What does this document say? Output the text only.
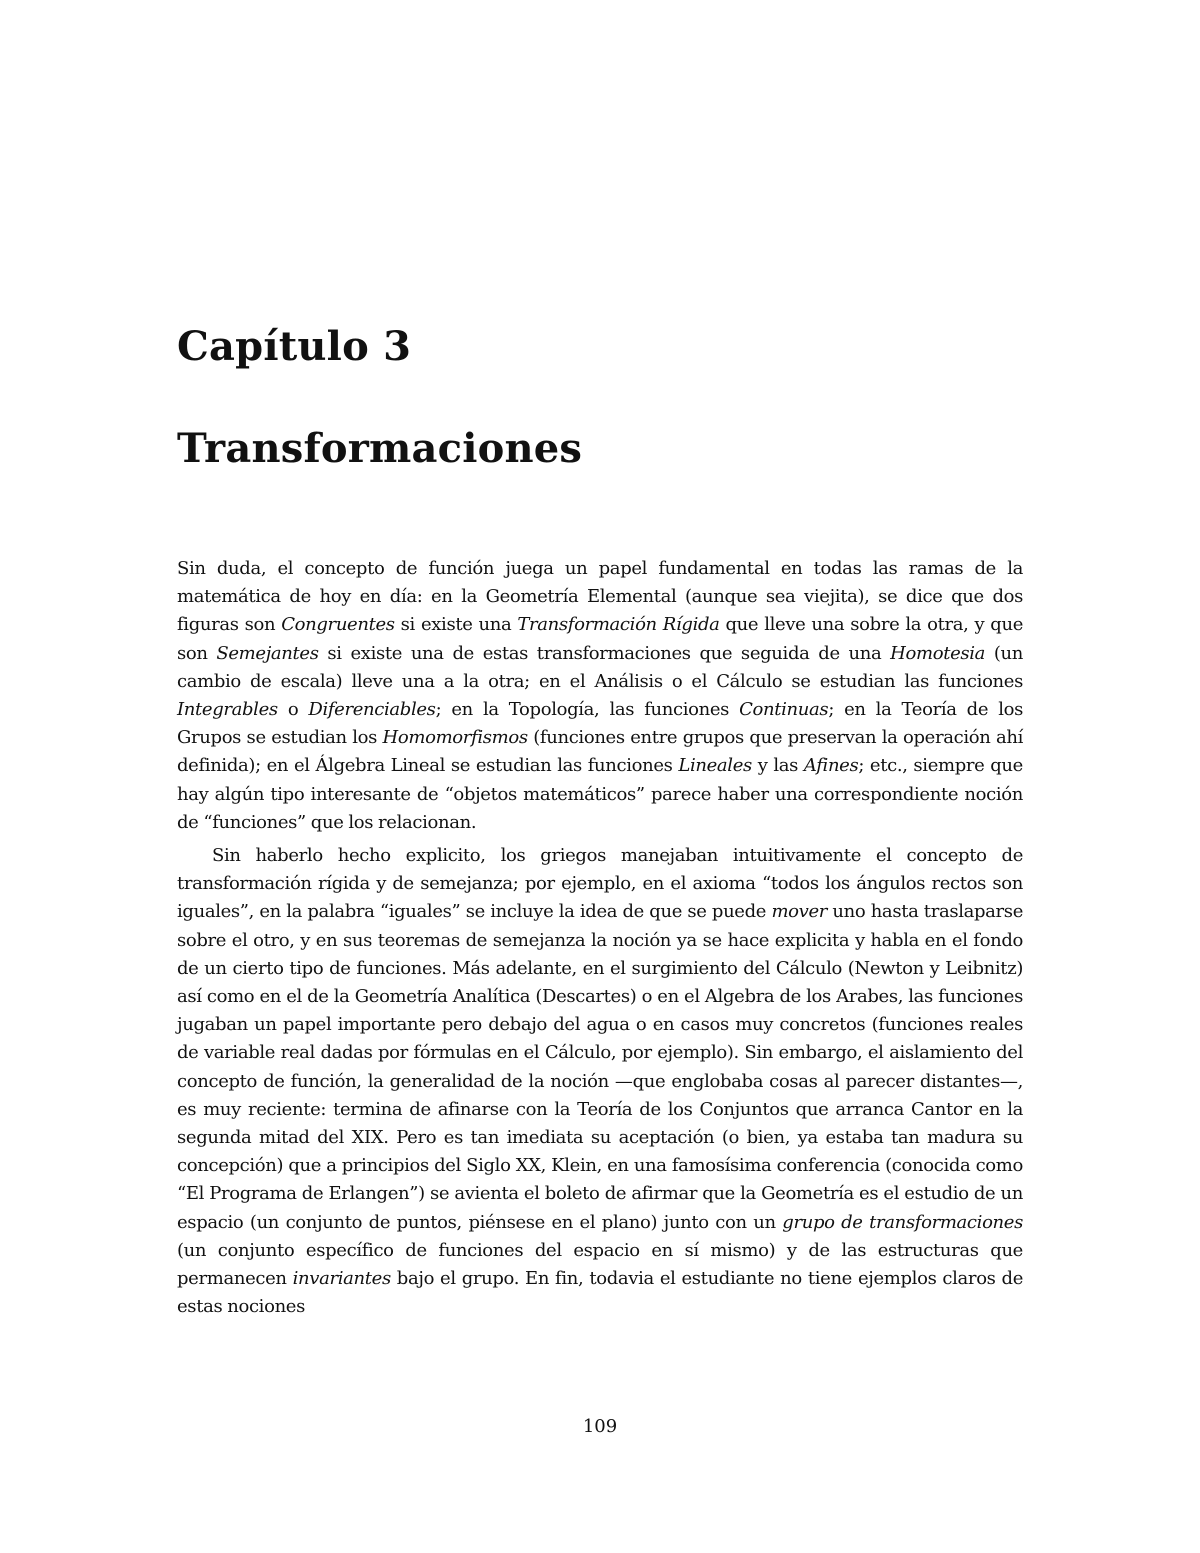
Capítulo 3
Transformaciones

Sin duda, el concepto de función juega un papel fundamental en todas las ramas de la matemática de hoy en día: en la Geometría Elemental (aunque sea viejita), se dice que dos figuras son Congruentes si existe una Transformación Rígida que lleve una sobre la otra, y que son Semejantes si existe una de estas transformaciones que seguida de una Homotesia (un cambio de escala) lleve una a la otra; en el Análisis o el Cálculo se estudian las funciones Integrables o Diferenciables; en la Topología, las funciones Continuas; en la Teoría de los Grupos se estudian los Homomorfismos (funciones entre grupos que preservan la operación ahí definida); en el Álgebra Lineal se estudian las funciones Lineales y las Afines; etc., siempre que hay algún tipo interesante de “objetos matemáticos” parece haber una correspondiente noción de “funciones” que los relacionan.

Sin haberlo hecho explicito, los griegos manejaban intuitivamente el concepto de transformación rígida y de semejanza; por ejemplo, en el axioma “todos los ángulos rectos son iguales”, en la palabra “iguales” se incluye la idea de que se puede mover uno hasta traslaparse sobre el otro, y en sus teoremas de semejanza la noción ya se hace explicita y habla en el fondo de un cierto tipo de funciones. Más adelante, en el surgimiento del Cálculo (Newton y Leibnitz) así como en el de la Geometría Analítica (Descartes) o en el Algebra de los Arabes, las funciones jugaban un papel importante pero debajo del agua o en casos muy concretos (funciones reales de variable real dadas por fórmulas en el Cálculo, por ejemplo). Sin embargo, el aislamiento del concepto de función, la generalidad de la noción —que englobaba cosas al parecer distantes—, es muy reciente: termina de afinarse con la Teoría de los Conjuntos que arranca Cantor en la segunda mitad del XIX. Pero es tan imediata su aceptación (o bien, ya estaba tan madura su concepción) que a principios del Siglo XX, Klein, en una famosísima conferencia (conocida como “El Programa de Erlangen”) se avienta el boleto de afirmar que la Geometría es el estudio de un espacio (un conjunto de puntos, piénsese en el plano) junto con un grupo de transformaciones (un conjunto específico de funciones del espacio en sí mismo) y de las estructuras que permanecen invariantes bajo el grupo. En fin, todavia el estudiante no tiene ejemplos claros de estas nociones

109
